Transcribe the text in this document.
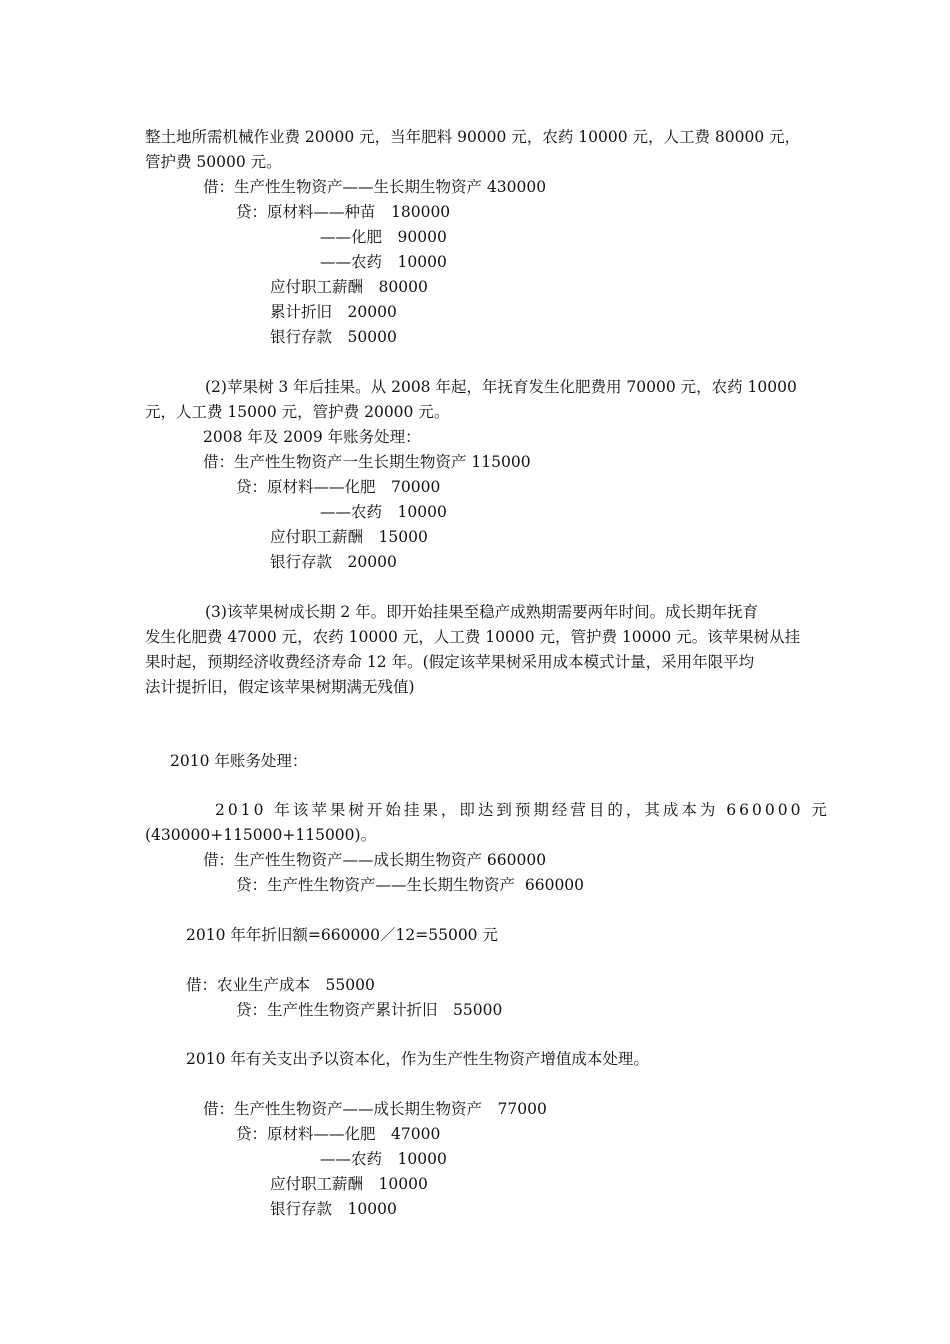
整土地所需机械作业费 20000 元，当年肥料 90000 元，农药 10000 元，人工费 80000 元，
管护费 50000 元。
借：生产性生物资产——生长期生物资产 430000
贷：原材料——种苗　180000
——化肥　90000
——农药　10000
应付职工薪酬　80000
累计折旧　20000
银行存款　50000
(2)苹果树 3 年后挂果。从 2008 年起，年抚育发生化肥费用 70000 元，农药 10000
元，人工费 15000 元，管护费 20000 元。
2008 年及 2009 年账务处理：
借：生产性生物资产一生长期生物资产 115000
贷：原材料——化肥　70000
——农药　10000
应付职工薪酬　15000
银行存款　20000
(3)该苹果树成长期 2 年。即开始挂果至稳产成熟期需要两年时间。成长期年抚育
发生化肥费 47000 元，农药 10000 元，人工费 10000 元，管护费 10000 元。该苹果树从挂
果时起，预期经济收费经济寿命 12 年。(假定该苹果树采用成本模式计量，采用年限平均
法计提折旧，假定该苹果树期满无残值)
2010 年账务处理：
2010 年该苹果树开始挂果，即达到预期经营目的，其成本为 660000 元
(430000+115000+115000)。
借：生产性生物资产——成长期生物资产 660000
贷：生产性生物资产——生长期生物资产  660000
2010 年年折旧额=660000／12=55000 元
借：农业生产成本　55000
贷：生产性生物资产累计折旧　55000
2010 年有关支出予以资本化，作为生产性生物资产增值成本处理。
借：生产性生物资产——成长期生物资产　77000
贷：原材料——化肥　47000
——农药　10000
应付职工薪酬　10000
银行存款　10000
